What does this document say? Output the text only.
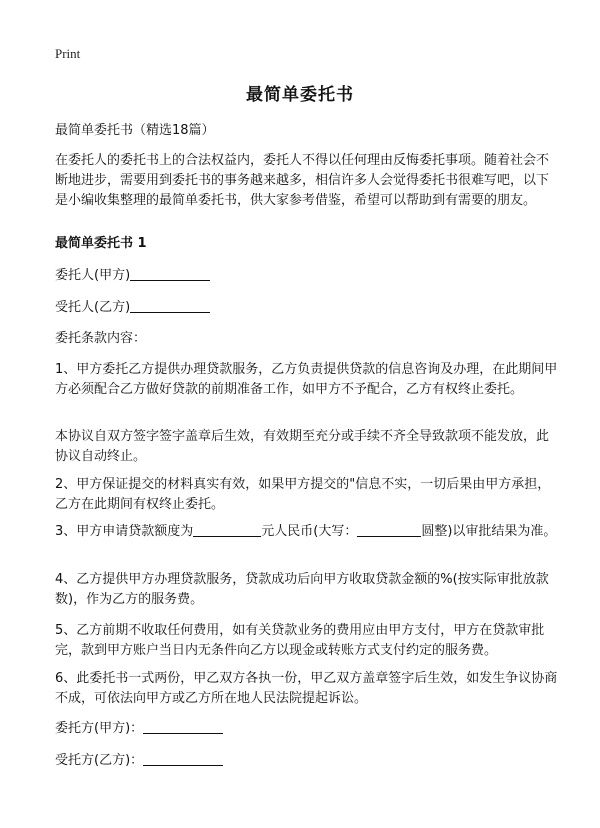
Print
最简单委托书
最简单委托书（精选18篇）
在委托人的委托书上的合法权益内，委托人不得以任何理由反悔委托事项。随着社会不断地进步，需要用到委托书的事务越来越多，相信许多人会觉得委托书很难写吧，以下是小编收集整理的最简单委托书，供大家参考借鉴，希望可以帮助到有需要的朋友。
最简单委托书 1
委托人(甲方)
受托人(乙方)
委托条款内容：
1、甲方委托乙方提供办理贷款服务，乙方负责提供贷款的信息咨询及办理，在此期间甲方必须配合乙方做好贷款的前期准备工作，如甲方不予配合，乙方有权终止委托。
本协议自双方签字签字盖章后生效，有效期至充分或手续不齐全导致款项不能发放，此协议自动终止。
2、甲方保证提交的材料真实有效，如果甲方提交的"信息不实，一切后果由甲方承担，乙方在此期间有权终止委托。
3、甲方申请贷款额度为	元人民币(大写：	圆整)以审批结果为准。
4、乙方提供甲方办理贷款服务，贷款成功后向甲方收取贷款金额的%(按实际审批放款数)，作为乙方的服务费。
5、乙方前期不收取任何费用，如有关贷款业务的费用应由甲方支付，甲方在贷款审批完，款到甲方账户当日内无条件向乙方以现金或转账方式支付约定的服务费。
6、此委托书一式两份，甲乙双方各执一份，甲乙双方盖章签字后生效，如发生争议协商不成，可依法向甲方或乙方所在地人民法院提起诉讼。
委托方(甲方)：
受托方(乙方)：
